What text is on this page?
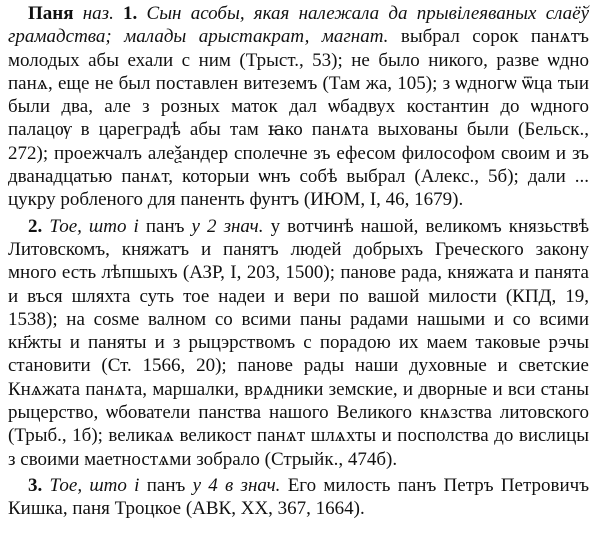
Паня наз. 1. Сын асобы, якая належала да прывілеяваных слаёў грамадства; малады арыстакрат, магнат. выбрал сорок панѧтъ молодых абы ехали с ним (Трыст., 53); не было никого, разве ѡдно панѧ, еще не был поставлен витеземъ (Там жа, 105); з ѡдногѡ ѿца тыи были два, але з розных маток дал ѡбадвух костантин до ѡдного палацѹ в цареградѣ абы там ꙗко панѧта выхованы были (Бельск., 272); проежчалъ алеѯандер сполечне зъ ефесом философом своим и зъ дванадцатью панѧт, которыи ѡнъ собѣ выбрал (Алекс., 5б); дали ... цукру робленого для паненть фунтъ (ИЮМ, І, 46, 1679).

2. Тое, што і панъ у 2 знач. у вотчинѣ нашой, великомъ князьствѣ Литовскомъ, княжатъ и панятъ людей добрыхъ Греческого закону много есть лѣпшыхъ (АЗР, І, 203, 1500); панове рада, княжата и панята и въся шляхта суть тое надеи и вери по вашой милости (КПД, 19, 1538); на соѕме валном со всими паны радами нашыми и со всими кн҃жты и паняты и з рыцэрствомъ с порадою их маем таковые рэчы становити (Ст. 1566, 20); панове рады наши духовные и светские Кнѧжата панѧта, маршалки, врѧдники земские, и дворные и вси станы рыцерство, ѡбователи панства нашого Великого кнѧзства литовского (Трыб., 1б); великаѧ великост панѧт шлѧхты и посполства до вислицы з своими маетностѧми зобрало (Стрыйк., 474б).

3. Тое, што і панъ у 4 в знач. Его милость панъ Петръ Петровичъ Кишка, паня Троцкое (АВК, XX, 367, 1664).
